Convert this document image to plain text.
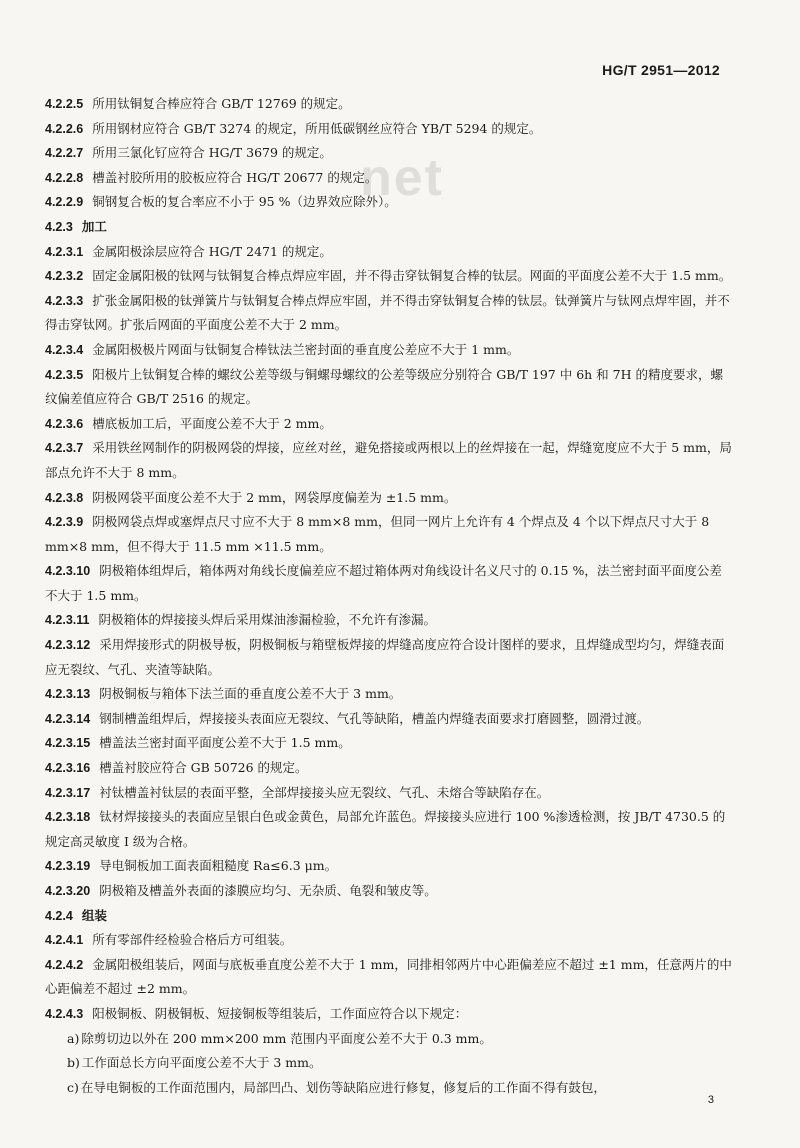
HG/T 2951—2012
net

4.2.2.5 所用钛铜复合棒应符合 GB/T 12769 的规定。

4.2.2.6 所用钢材应符合 GB/T 3274 的规定，所用低碳钢丝应符合 YB/T 5294 的规定。

4.2.2.7 所用三氯化钌应符合 HG/T 3679 的规定。

4.2.2.8 槽盖衬胶所用的胶板应符合 HG/T 20677 的规定。

4.2.2.9 铜钢复合板的复合率应不小于 95 %（边界效应除外）。

4.2.3 加工

4.2.3.1 金属阳极涂层应符合 HG/T 2471 的规定。

4.2.3.2 固定金属阳极的钛网与钛铜复合棒点焊应牢固，并不得击穿钛铜复合棒的钛层。网面的平面度公差不大于 1.5 mm。

4.2.3.3 扩张金属阳极的钛弹簧片与钛铜复合棒点焊应牢固，并不得击穿钛铜复合棒的钛层。钛弹簧片与钛网点焊牢固，并不得击穿钛网。扩张后网面的平面度公差不大于 2 mm。

4.2.3.4 金属阳极极片网面与钛铜复合棒钛法兰密封面的垂直度公差应不大于 1 mm。

4.2.3.5 阳极片上钛铜复合棒的螺纹公差等级与铜螺母螺纹的公差等级应分别符合 GB/T 197 中 6h 和 7H 的精度要求，螺纹偏差值应符合 GB/T 2516 的规定。

4.2.3.6 槽底板加工后，平面度公差不大于 2 mm。

4.2.3.7 采用铁丝网制作的阴极网袋的焊接，应丝对丝，避免搭接或两根以上的丝焊接在一起，焊缝宽度应不大于 5 mm，局部点允许不大于 8 mm。

4.2.3.8 阴极网袋平面度公差不大于 2 mm，网袋厚度偏差为 ±1.5 mm。

4.2.3.9 阴极网袋点焊或塞焊点尺寸应不大于 8 mm×8 mm，但同一网片上允许有 4 个焊点及 4 个以下焊点尺寸大于 8 mm×8 mm，但不得大于 11.5 mm ×11.5 mm。

4.2.3.10 阴极箱体组焊后，箱体两对角线长度偏差应不超过箱体两对角线设计名义尺寸的 0.15 %，法兰密封面平面度公差不大于 1.5 mm。

4.2.3.11 阴极箱体的焊接接头焊后采用煤油渗漏检验，不允许有渗漏。

4.2.3.12 采用焊接形式的阴极导板，阴极铜板与箱壁板焊接的焊缝高度应符合设计图样的要求，且焊缝成型均匀，焊缝表面应无裂纹、气孔、夹渣等缺陷。

4.2.3.13 阴极铜板与箱体下法兰面的垂直度公差不大于 3 mm。

4.2.3.14 钢制槽盖组焊后，焊接接头表面应无裂纹、气孔等缺陷，槽盖内焊缝表面要求打磨圆整，圆滑过渡。

4.2.3.15 槽盖法兰密封面平面度公差不大于 1.5 mm。

4.2.3.16 槽盖衬胶应符合 GB 50726 的规定。

4.2.3.17 衬钛槽盖衬钛层的表面平整，全部焊接接头应无裂纹、气孔、未熔合等缺陷存在。

4.2.3.18 钛材焊接接头的表面应呈银白色或金黄色，局部允许蓝色。焊接接头应进行 100 %渗透检测，按 JB/T 4730.5 的规定高灵敏度 Ⅰ 级为合格。

4.2.3.19 导电铜板加工面表面粗糙度 Ra≤6.3 μm。

4.2.3.20 阴极箱及槽盖外表面的漆膜应均匀、无杂质、龟裂和皱皮等。

4.2.4 组装

4.2.4.1 所有零部件经检验合格后方可组装。

4.2.4.2 金属阳极组装后，网面与底板垂直度公差不大于 1 mm，同排相邻两片中心距偏差应不超过 ±1 mm，任意两片的中心距偏差不超过 ±2 mm。

4.2.4.3 阳极铜板、阴极铜板、短接铜板等组装后，工作面应符合以下规定：

a) 除剪切边以外在 200 mm×200 mm 范围内平面度公差不大于 0.3 mm。

b) 工作面总长方向平面度公差不大于 3 mm。

c) 在导电铜板的工作面范围内，局部凹凸、划伤等缺陷应进行修复，修复后的工作面不得有鼓包，

3
